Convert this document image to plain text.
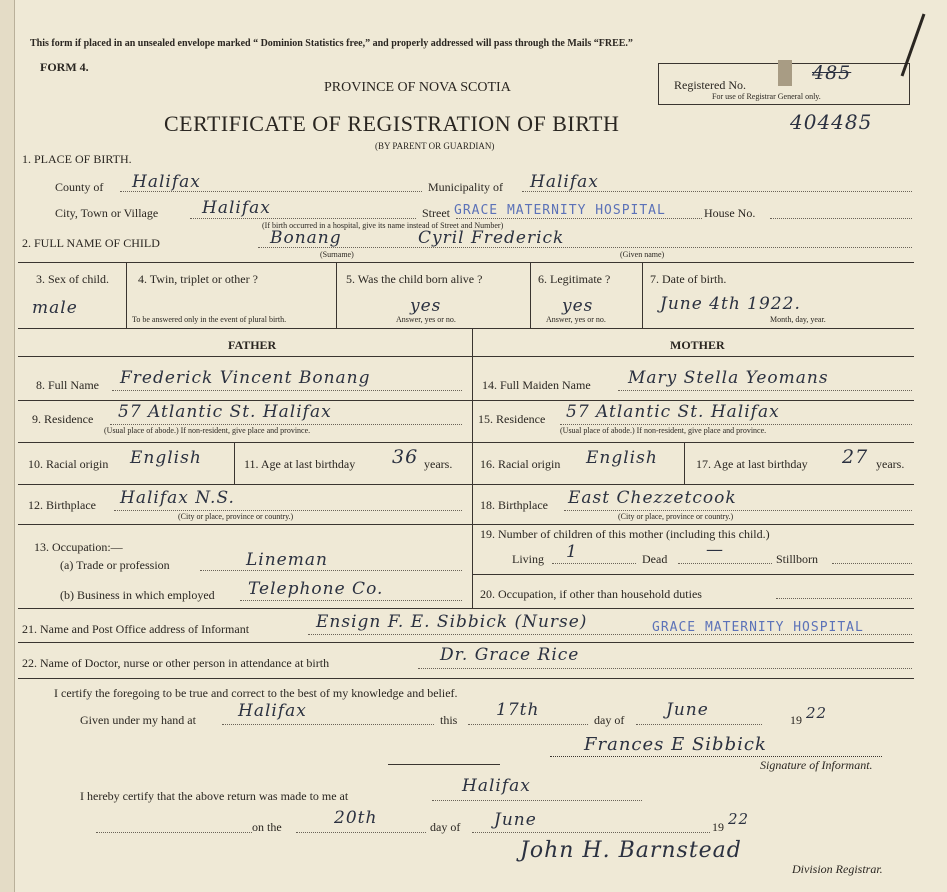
This form if placed in an unsealed envelope marked “ Dominion Statistics free,” and properly addressed will pass through the Mails “FREE.”
FORM 4.
PROVINCE OF NOVA SCOTIA
CERTIFICATE OF REGISTRATION OF BIRTH
(BY PARENT OR GUARDIAN)
404485
Registered No.
485
For use of Registrar General only.
1. PLACE OF BIRTH.
County of Halifax	Municipality of Halifax
City, Town or Village	Halifax
(If birth occurred in a hospital, give its name instead of Street and Number)
Street GRACE MATERNITY HOSPITAL	House No.
2. FULL NAME OF CHILD	Bonang	Cyril Frederick
(Surname)	(Given name)
3. Sex of child.
male
4. Twin, triplet or other ?
To be answered only in the event of plural birth.
5. Was the child born alive ?
yes
Answer, yes or no.
6. Legitimate ?
yes
Answer, yes or no.
7. Date of birth.
June 4th 1922.
Month, day, year.
FATHER	MOTHER
8. Full Name Frederick Vincent Bonang	14. Full Maiden Name Mary Stella Yeomans
9. Residence 57 Atlantic St. Halifax
(Usual place of abode.) If non-resident, give place and province.
15. Residence 57 Atlantic St. Halifax
(Usual place of abode.) If non-resident, give place and province.
10. Racial origin English	11. Age at last birthday 36 years. 16. Racial origin English	17. Age at last birthday 27 years.
12. Birthplace Halifax N.S.
(City or place, province or country.)
18. Birthplace East Chezzetcook
(City or place, province or country.)
13. Occupation:—
(a) Trade or profession	Lineman
(b) Business in which employed Telephone Co.
19. Number of children of this mother (including this child.)
Living 1	Dead —	Stillborn
20. Occupation, if other than household duties
21. Name and Post Office address of Informant	Ensign F. E. Sibbick (Nurse)	GRACE MATERNITY HOSPITAL
22. Name of Doctor, nurse or other person in attendance at birth	Dr. Grace Rice
I certify the foregoing to be true and correct to the best of my knowledge and belief.
Given under my hand at Halifax	this 17th	day of June	19 22
Frances E Sibbick
Signature of Informant.
I hereby certify that the above return was made to me at	Halifax
on the	20th	day of June	19 22
John H. Barnstead
Division Registrar.
